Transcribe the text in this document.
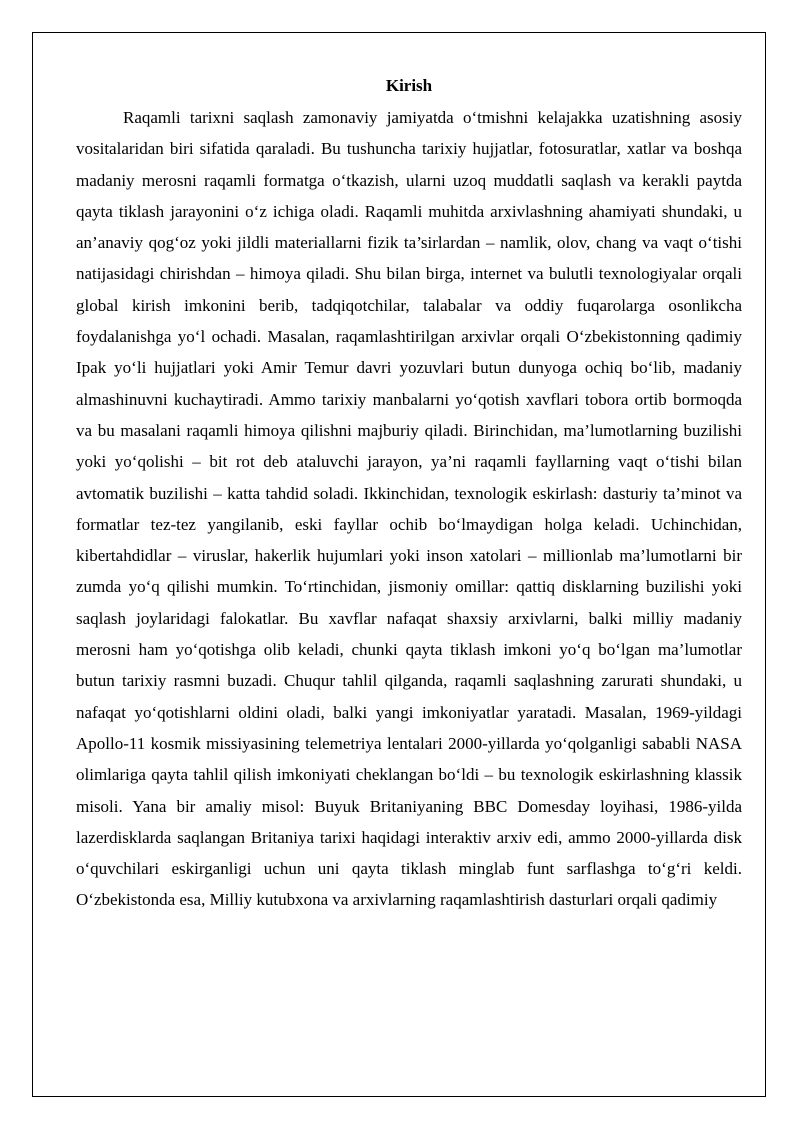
Kirish

Raqamli tarixni saqlash zamonaviy jamiyatda o‘tmishni kelajakka uzatishning asosiy vositalaridan biri sifatida qaraladi. Bu tushuncha tarixiy hujjatlar, fotosuratlar, xatlar va boshqa madaniy merosni raqamli formatga o‘tkazish, ularni uzoq muddatli saqlash va kerakli paytda qayta tiklash jarayonini o‘z ichiga oladi. Raqamli muhitda arxivlashning ahamiyati shundaki, u an’anaviy qog‘oz yoki jildli materiallarni fizik ta’sirlardan – namlik, olov, chang va vaqt o‘tishi natijasidagi chirishdan – himoya qiladi. Shu bilan birga, internet va bulutli texnologiyalar orqali global kirish imkonini berib, tadqiqotchilar, talabalar va oddiy fuqarolarga osonlikcha foydalanishga yo‘l ochadi. Masalan, raqamlashtirilgan arxivlar orqali O‘zbekistonning qadimiy Ipak yo‘li hujjatlari yoki Amir Temur davri yozuvlari butun dunyoga ochiq bo‘lib, madaniy almashinuvni kuchaytiradi. Ammo tarixiy manbalarni yo‘qotish xavflari tobora ortib bormoqda va bu masalani raqamli himoya qilishni majburiy qiladi. Birinchidan, ma’lumotlarning buzilishi yoki yo‘qolishi – bit rot deb ataluvchi jarayon, ya’ni raqamli fayllarning vaqt o‘tishi bilan avtomatik buzilishi – katta tahdid soladi. Ikkinchidan, texnologik eskirlash: dasturiy ta’minot va formatlar tez-tez yangilanib, eski fayllar ochib bo‘lmaydigan holga keladi. Uchinchidan, kibertahdidlar – viruslar, hakerlik hujumlari yoki inson xatolari – millionlab ma’lumotlarni bir zumda yo‘q qilishi mumkin. To‘rtinchidan, jismoniy omillar: qattiq disklarning buzilishi yoki saqlash joylaridagi falokatlar. Bu xavflar nafaqat shaxsiy arxivlarni, balki milliy madaniy merosni ham yo‘qotishga olib keladi, chunki qayta tiklash imkoni yo‘q bo‘lgan ma’lumotlar butun tarixiy rasmni buzadi. Chuqur tahlil qilganda, raqamli saqlashning zarurati shundaki, u nafaqat yo‘qotishlarni oldini oladi, balki yangi imkoniyatlar yaratadi. Masalan, 1969-yildagi Apollo-11 kosmik missiyasining telemetriya lentalari 2000-yillarda yo‘qolganligi sababli NASA olimlariga qayta tahlil qilish imkoniyati cheklangan bo‘ldi – bu texnologik eskirlashning klassik misoli. Yana bir amaliy misol: Buyuk Britaniyaning BBC Domesday loyihasi, 1986-yilda lazerdisklarda saqlangan Britaniya tarixi haqidagi interaktiv arxiv edi, ammo 2000-yillarda disk o‘quvchilari eskirganligi uchun uni qayta tiklash minglab funt sarflashga to‘g‘ri keldi. O‘zbekistonda esa, Milliy kutubxona va arxivlarning raqamlashtirish dasturlari orqali qadimiy
